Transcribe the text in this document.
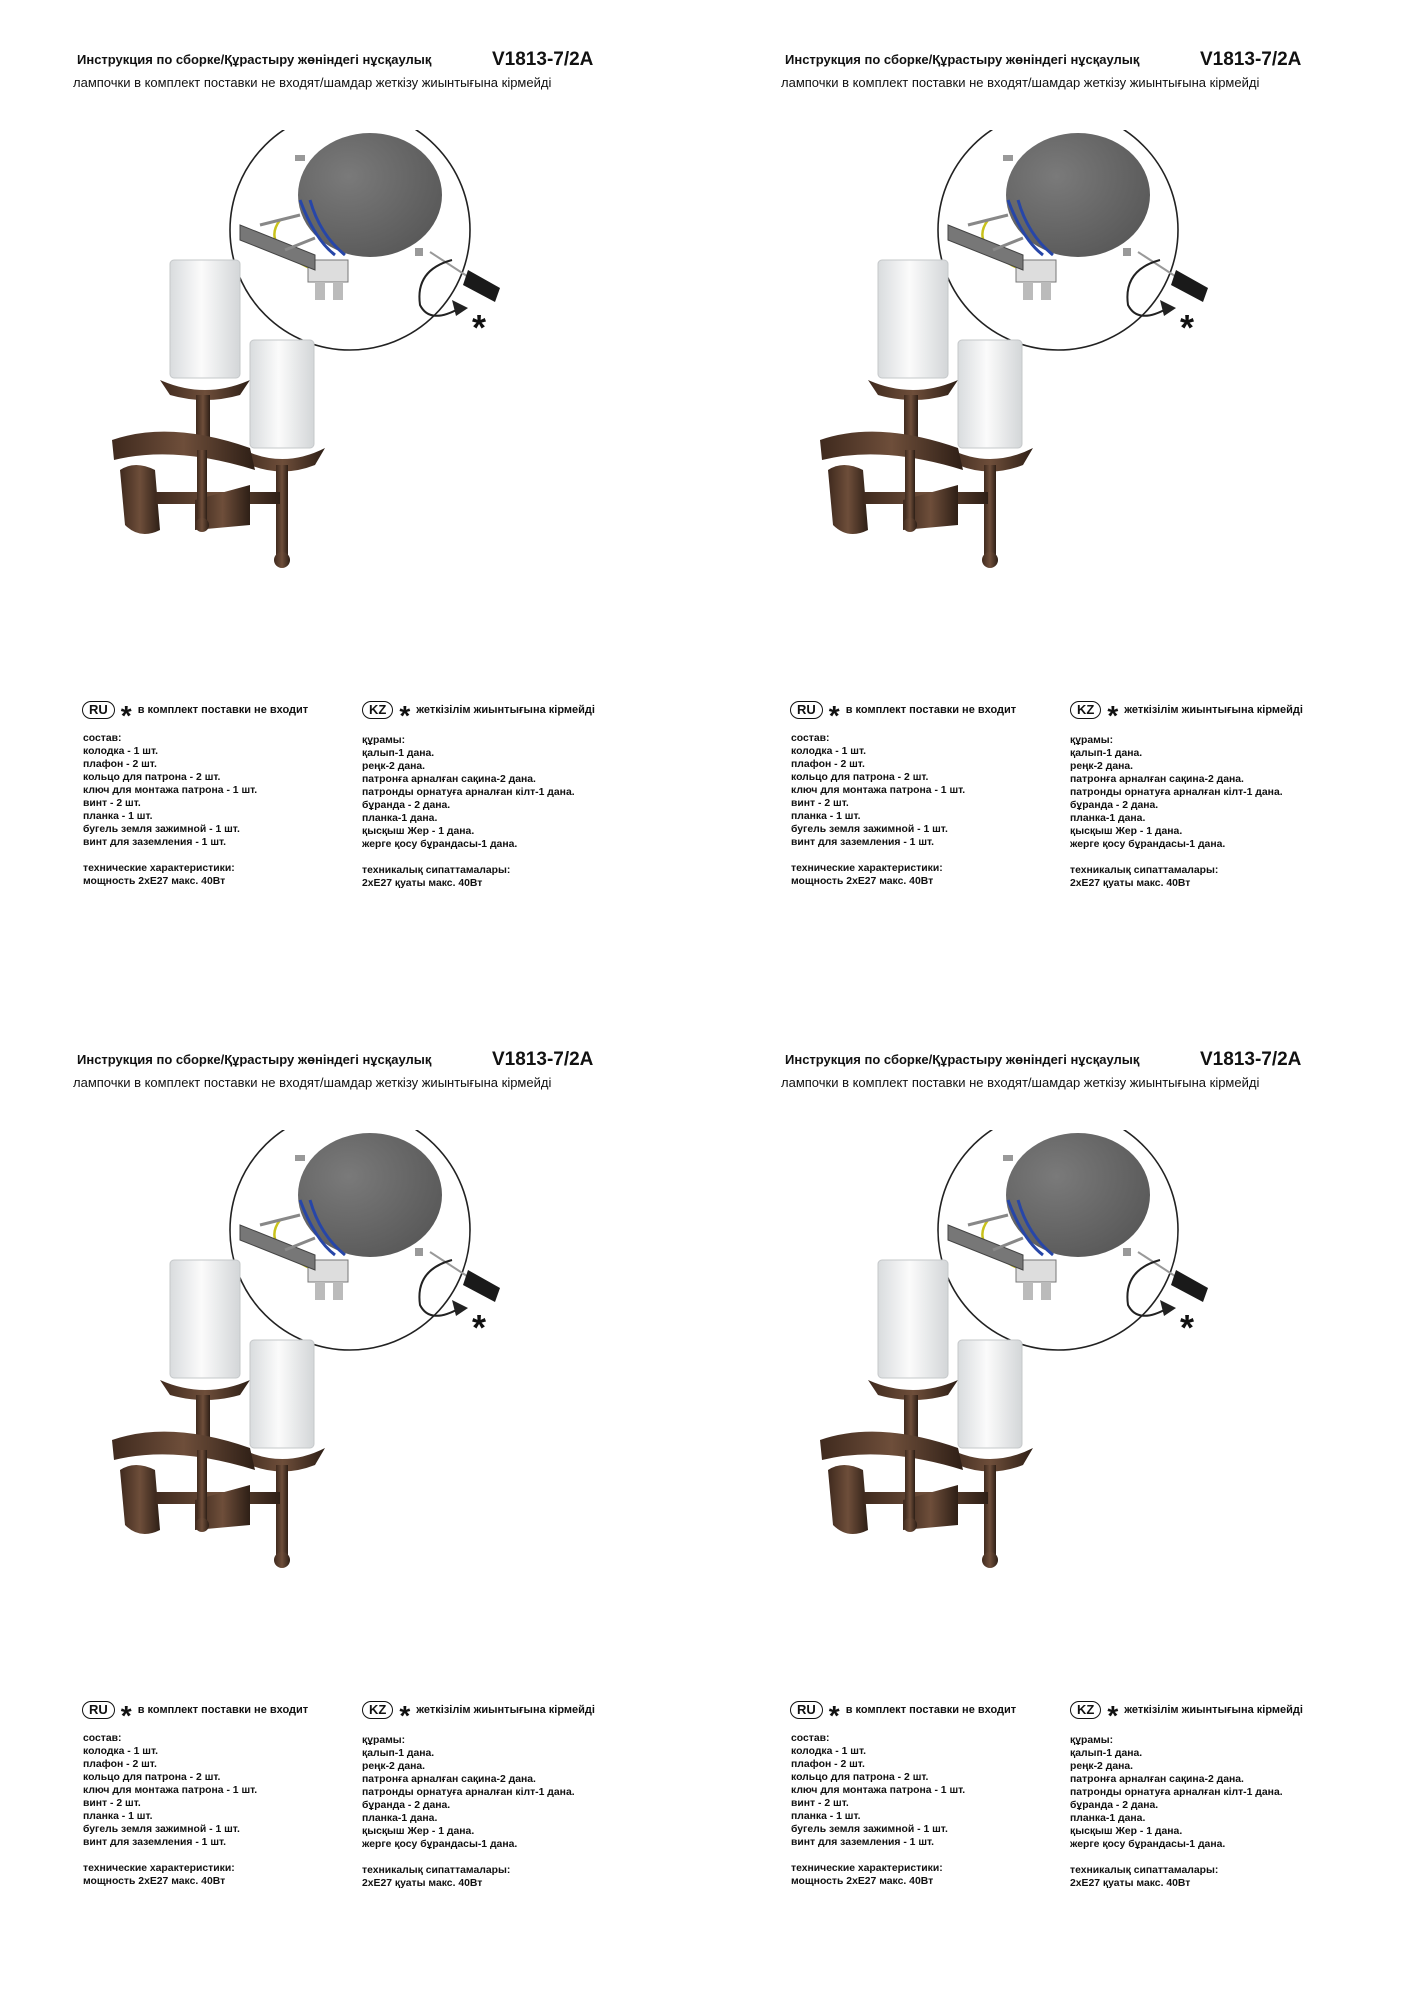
Инструкция по сборке/Құрастыру жөніндегі нұсқаулық	V1813-7/2A
лампочки в комплект поставки не входят/шамдар жеткізу жиынтығына кірмейді
*
RU * в комплект поставки не входит	KZ * жеткізілім жиынтығына кірмейді
состав:
колодка - 1 шт.
плафон - 2 шт.
кольцо для патрона - 2 шт.
ключ для монтажа патрона - 1 шт.
винт - 2 шт.
планка - 1 шт.
бугель земля зажимной - 1 шт.
винт для заземления - 1 шт.
технические характеристики:
мощность 2хЕ27 макс. 40Вт
құрамы:
қалып-1 дана.
реңк-2 дана.
патронға арналған сақина-2 дана.
патронды орнатуға арналған кілт-1 дана.
бұранда - 2 дана.
планка-1 дана.
қысқыш Жер - 1 дана.
жерге қосу бұрандасы-1 дана.
техникалық сипаттамалары:
2хЕ27 қуаты макс. 40Вт
Инструкция по сборке/Құрастыру жөніндегі нұсқаулық	V1813-7/2A
лампочки в комплект поставки не входят/шамдар жеткізу жиынтығына кірмейді
*
RU * в комплект поставки не входит	KZ * жеткізілім жиынтығына кірмейді
состав:
колодка - 1 шт.
плафон - 2 шт.
кольцо для патрона - 2 шт.
ключ для монтажа патрона - 1 шт.
винт - 2 шт.
планка - 1 шт.
бугель земля зажимной - 1 шт.
винт для заземления - 1 шт.
технические характеристики:
мощность 2хЕ27 макс. 40Вт
құрамы:
қалып-1 дана.
реңк-2 дана.
патронға арналған сақина-2 дана.
патронды орнатуға арналған кілт-1 дана.
бұранда - 2 дана.
планка-1 дана.
қысқыш Жер - 1 дана.
жерге қосу бұрандасы-1 дана.
техникалық сипаттамалары:
2хЕ27 қуаты макс. 40Вт
Инструкция по сборке/Құрастыру жөніндегі нұсқаулық	V1813-7/2A
лампочки в комплект поставки не входят/шамдар жеткізу жиынтығына кірмейді
*
RU * в комплект поставки не входит	KZ * жеткізілім жиынтығына кірмейді
состав:
колодка - 1 шт.
плафон - 2 шт.
кольцо для патрона - 2 шт.
ключ для монтажа патрона - 1 шт.
винт - 2 шт.
планка - 1 шт.
бугель земля зажимной - 1 шт.
винт для заземления - 1 шт.
технические характеристики:
мощность 2хЕ27 макс. 40Вт
құрамы:
қалып-1 дана.
реңк-2 дана.
патронға арналған сақина-2 дана.
патронды орнатуға арналған кілт-1 дана.
бұранда - 2 дана.
планка-1 дана.
қысқыш Жер - 1 дана.
жерге қосу бұрандасы-1 дана.
техникалық сипаттамалары:
2хЕ27 қуаты макс. 40Вт
Инструкция по сборке/Құрастыру жөніндегі нұсқаулық	V1813-7/2A
лампочки в комплект поставки не входят/шамдар жеткізу жиынтығына кірмейді
*
RU * в комплект поставки не входит	KZ * жеткізілім жиынтығына кірмейді
состав:
колодка - 1 шт.
плафон - 2 шт.
кольцо для патрона - 2 шт.
ключ для монтажа патрона - 1 шт.
винт - 2 шт.
планка - 1 шт.
бугель земля зажимной - 1 шт.
винт для заземления - 1 шт.
технические характеристики:
мощность 2хЕ27 макс. 40Вт
құрамы:
қалып-1 дана.
реңк-2 дана.
патронға арналған сақина-2 дана.
патронды орнатуға арналған кілт-1 дана.
бұранда - 2 дана.
планка-1 дана.
қысқыш Жер - 1 дана.
жерге қосу бұрандасы-1 дана.
техникалық сипаттамалары:
2хЕ27 қуаты макс. 40Вт
